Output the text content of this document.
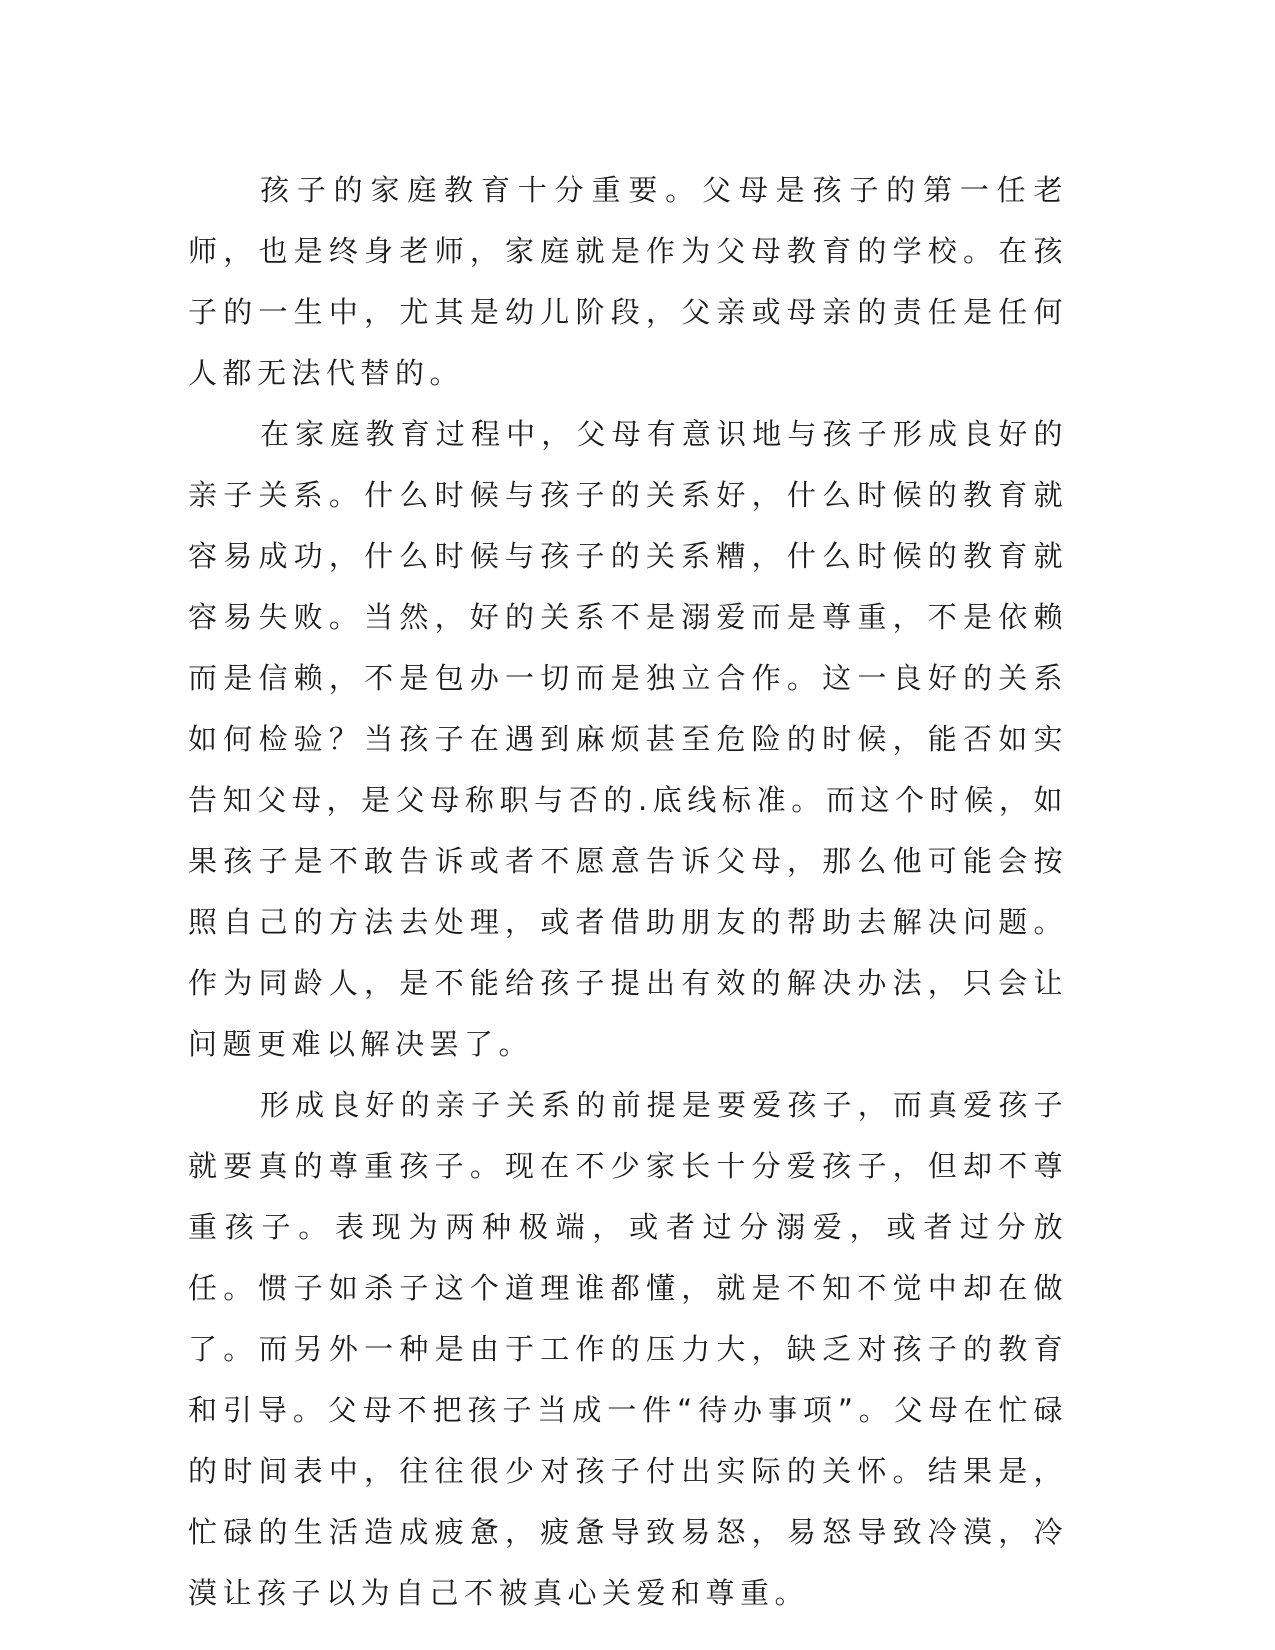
孩子的家庭教育十分重要。父母是孩子的第一任老师，也是终身老师，家庭就是作为父母教育的学校。在孩子的一生中，尤其是幼儿阶段，父亲或母亲的责任是任何人都无法代替的。

在家庭教育过程中，父母有意识地与孩子形成良好的亲子关系。什么时候与孩子的关系好，什么时候的教育就容易成功，什么时候与孩子的关系糟，什么时候的教育就容易失败。当然，好的关系不是溺爱而是尊重，不是依赖而是信赖，不是包办一切而是独立合作。这一良好的关系如何检验？当孩子在遇到麻烦甚至危险的时候，能否如实告知父母，是父母称职与否的.底线标准。而这个时候，如果孩子是不敢告诉或者不愿意告诉父母，那么他可能会按照自己的方法去处理，或者借助朋友的帮助去解决问题。作为同龄人，是不能给孩子提出有效的解决办法，只会让问题更难以解决罢了。

形成良好的亲子关系的前提是要爱孩子，而真爱孩子就要真的尊重孩子。现在不少家长十分爱孩子，但却不尊重孩子。表现为两种极端，或者过分溺爱，或者过分放任。惯子如杀子这个道理谁都懂，就是不知不觉中却在做了。而另外一种是由于工作的压力大，缺乏对孩子的教育和引导。父母不把孩子当成一件“待办事项”。父母在忙碌的时间表中，往往很少对孩子付出实际的关怀。结果是，忙碌的生活造成疲惫，疲惫导致易怒，易怒导致冷漠，冷漠让孩子以为自己不被真心关爱和尊重。
